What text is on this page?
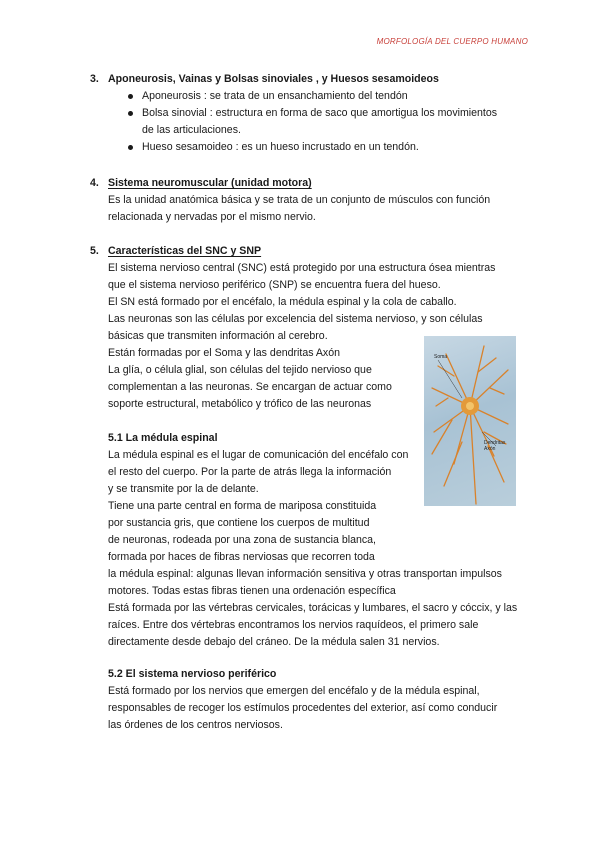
MORFOLOGÍA DEL CUERPO HUMANO
3. Aponeurosis, Vainas y Bolsas sinoviales , y Huesos sesamoideos
Aponeurosis : se trata de un ensanchamiento del tendón
Bolsa sinovial : estructura en forma de saco que amortigua los movimientos
de las articulaciones.
Hueso sesamoideo : es un hueso incrustado en un tendón.
4. Sistema neuromuscular (unidad motora)
Es la unidad anatómica básica y se trata de un conjunto de músculos con función
relacionada y nervadas por el mismo nervio.
5. Características del SNC y SNP
El sistema nervioso central (SNC) está protegido por una estructura ósea mientras
que el sistema nervioso periférico (SNP) se encuentra fuera del hueso.
El SN está formado por el encéfalo, la médula espinal y la cola de caballo.
Las neuronas son las células por excelencia del sistema nervioso, y son células
básicas que transmiten información al cerebro.
Están formadas por el Soma y las dendritas Axón
La glía, o célula glial, son células del tejido nervioso que
complementan a las neuronas. Se encargan de actuar como
soporte estructural, metabólico y trófico de las neuronas
5.1 La médula espinal
La médula espinal es el lugar de comunicación del encéfalo con
el resto del cuerpo. Por la parte de atrás llega la información
y se transmite por la de delante.
Tiene una parte central en forma de mariposa constituida
por sustancia gris, que contiene los cuerpos de multitud
de neuronas, rodeada por una zona de sustancia blanca,
formada por haces de fibras nerviosas que recorren toda
la médula espinal: algunas llevan información sensitiva y otras transportan impulsos
motores. Todas estas fibras tienen una ordenación específica
Está formada por las vértebras cervicales, torácicas y lumbares, el sacro y cóccix, y las
raíces. Entre dos vértebras encontramos los nervios raquídeos, el primero sale
directamente desde debajo del cráneo. De la médula salen 31 nervios.
5.2 El sistema nervioso periférico
Está formado por los nervios que emergen del encéfalo y de la médula espinal,
responsables de recoger los estímulos procedentes del exterior, así como conducir
las órdenes de los centros nerviosos.
Soma
Dendritas
Axón
